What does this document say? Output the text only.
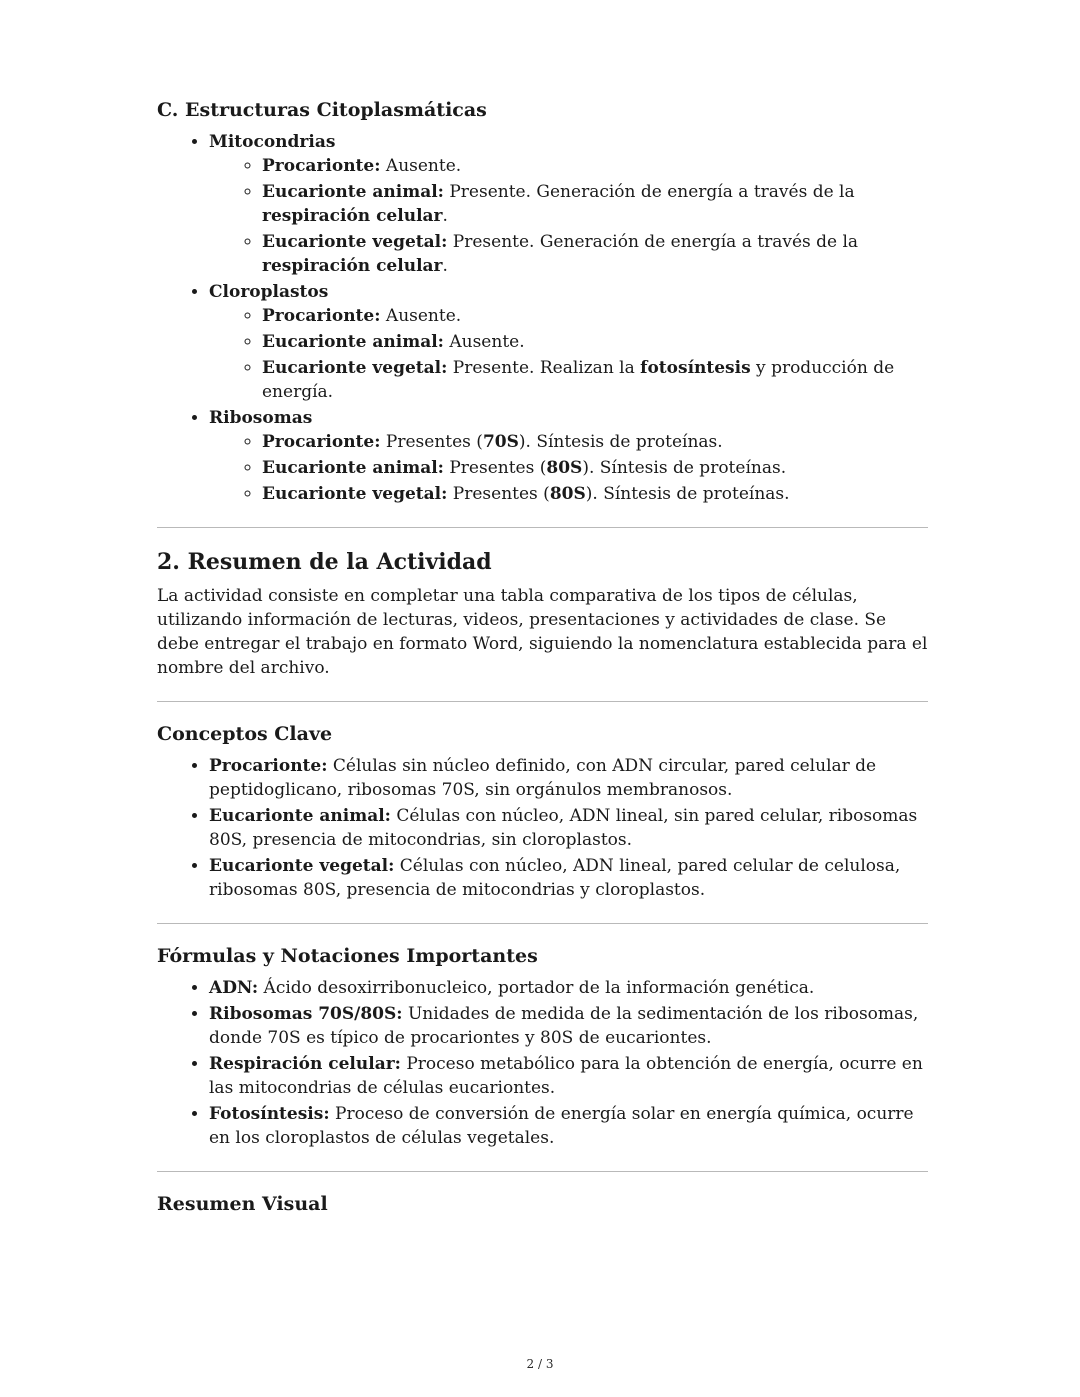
C. Estructuras Citoplasmáticas
• Mitocondrias
◦ Procarionte: Ausente.
◦ Eucarionte animal: Presente. Generación de energía a través de la respiración celular.
◦ Eucarionte vegetal: Presente. Generación de energía a través de la respiración celular.
• Cloroplastos
◦ Procarionte: Ausente.
◦ Eucarionte animal: Ausente.
◦ Eucarionte vegetal: Presente. Realizan la fotosíntesis y producción de energía.
• Ribosomas
◦ Procarionte: Presentes (70S). Síntesis de proteínas.
◦ Eucarionte animal: Presentes (80S). Síntesis de proteínas.
◦ Eucarionte vegetal: Presentes (80S). Síntesis de proteínas.
2. Resumen de la Actividad

La actividad consiste en completar una tabla comparativa de los tipos de células, utilizando información de lecturas, videos, presentaciones y actividades de clase. Se debe entregar el trabajo en formato Word, siguiendo la nomenclatura establecida para el nombre del archivo.

Conceptos Clave
• Procarionte: Células sin núcleo definido, con ADN circular, pared celular de peptidoglicano, ribosomas 70S, sin orgánulos membranosos.
• Eucarionte animal: Células con núcleo, ADN lineal, sin pared celular, ribosomas 80S, presencia de mitocondrias, sin cloroplastos.
• Eucarionte vegetal: Células con núcleo, ADN lineal, pared celular de celulosa, ribosomas 80S, presencia de mitocondrias y cloroplastos.
Fórmulas y Notaciones Importantes
• ADN: Ácido desoxirribonucleico, portador de la información genética.
• Ribosomas 70S/80S: Unidades de medida de la sedimentación de los ribosomas, donde 70S es típico de procariontes y 80S de eucariontes.
• Respiración celular: Proceso metabólico para la obtención de energía, ocurre en las mitocondrias de células eucariontes.
• Fotosíntesis: Proceso de conversión de energía solar en energía química, ocurre en los cloroplastos de células vegetales.
Resumen Visual
2 / 3
